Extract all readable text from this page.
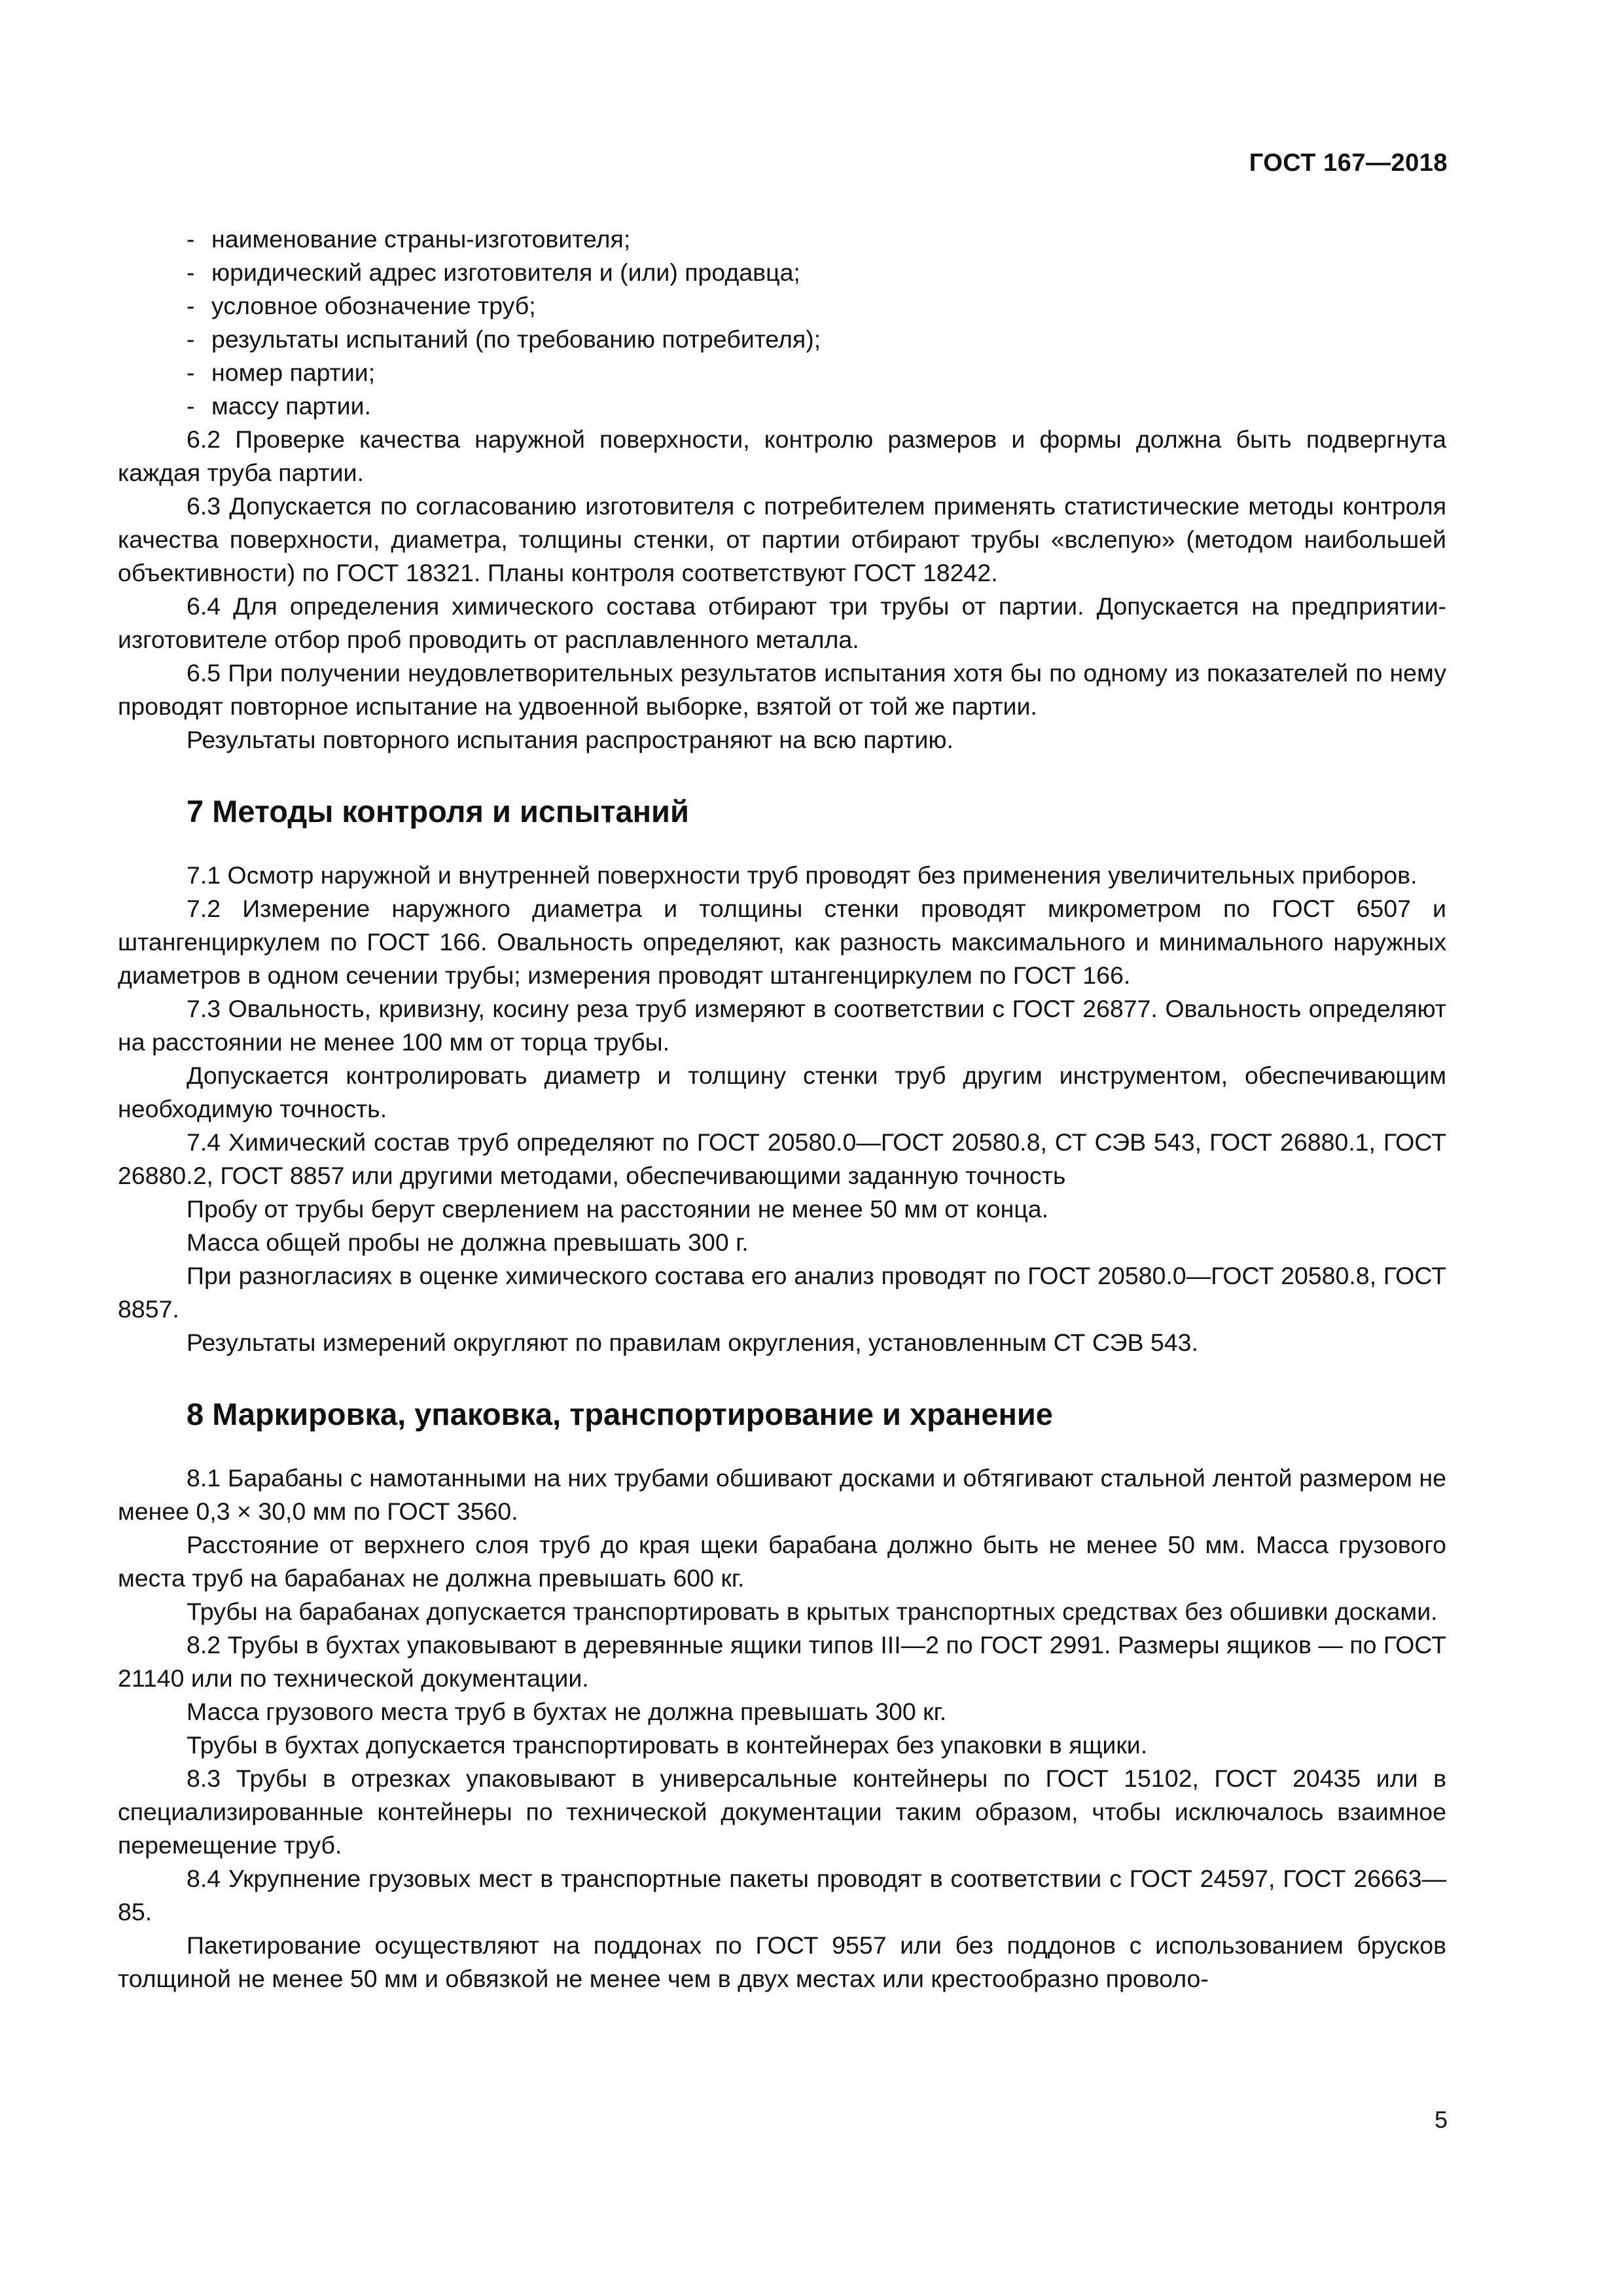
ГОСТ 167—2018

- наименование страны-изготовителя;

- юридический адрес изготовителя и (или) продавца;

- условное обозначение труб;

- результаты испытаний (по требованию потребителя);

- номер партии;

- массу партии.

6.2 Проверке качества наружной поверхности, контролю размеров и формы должна быть подвергнута каждая труба партии.

6.3 Допускается по согласованию изготовителя с потребителем применять статистические методы контроля качества поверхности, диаметра, толщины стенки, от партии отбирают трубы «вслепую» (методом наибольшей объективности) по ГОСТ 18321. Планы контроля соответствуют ГОСТ 18242.

6.4 Для определения химического состава отбирают три трубы от партии. Допускается на предприятии-изготовителе отбор проб проводить от расплавленного металла.

6.5 При получении неудовлетворительных результатов испытания хотя бы по одному из показателей по нему проводят повторное испытание на удвоенной выборке, взятой от той же партии.

Результаты повторного испытания распространяют на всю партию.

7 Методы контроля и испытаний

7.1 Осмотр наружной и внутренней поверхности труб проводят без применения увеличительных приборов.

7.2 Измерение наружного диаметра и толщины стенки проводят микрометром по ГОСТ 6507 и штангенциркулем по ГОСТ 166. Овальность определяют, как разность максимального и минимального наружных диаметров в одном сечении трубы; измерения проводят штангенциркулем по ГОСТ 166.

7.3 Овальность, кривизну, косину реза труб измеряют в соответствии с ГОСТ 26877. Овальность определяют на расстоянии не менее 100 мм от торца трубы.

Допускается контролировать диаметр и толщину стенки труб другим инструментом, обеспечивающим необходимую точность.

7.4 Химический состав труб определяют по ГОСТ 20580.0—ГОСТ 20580.8, СТ СЭВ 543, ГОСТ 26880.1, ГОСТ 26880.2, ГОСТ 8857 или другими методами, обеспечивающими заданную точность

Пробу от трубы берут сверлением на расстоянии не менее 50 мм от конца.

Масса общей пробы не должна превышать 300 г.

При разногласиях в оценке химического состава его анализ проводят по ГОСТ 20580.0—ГОСТ 20580.8, ГОСТ 8857.

Результаты измерений округляют по правилам округления, установленным СТ СЭВ 543.

8 Маркировка, упаковка, транспортирование и хранение

8.1 Барабаны с намотанными на них трубами обшивают досками и обтягивают стальной лентой размером не менее 0,3 × 30,0 мм по ГОСТ 3560.

Расстояние от верхнего слоя труб до края щеки барабана должно быть не менее 50 мм. Масса грузового места труб на барабанах не должна превышать 600 кг.

Трубы на барабанах допускается транспортировать в крытых транспортных средствах без обшивки досками.

8.2 Трубы в бухтах упаковывают в деревянные ящики типов III—2 по ГОСТ 2991. Размеры ящиков — по ГОСТ 21140 или по технической документации.

Масса грузового места труб в бухтах не должна превышать 300 кг.

Трубы в бухтах допускается транспортировать в контейнерах без упаковки в ящики.

8.3 Трубы в отрезках упаковывают в универсальные контейнеры по ГОСТ 15102, ГОСТ 20435 или в специализированные контейнеры по технической документации таким образом, чтобы исключалось взаимное перемещение труб.

8.4 Укрупнение грузовых мест в транспортные пакеты проводят в соответствии с ГОСТ 24597, ГОСТ 26663—85.

Пакетирование осуществляют на поддонах по ГОСТ 9557 или без поддонов с использованием брусков толщиной не менее 50 мм и обвязкой не менее чем в двух местах или крестообразно проволо-

5
